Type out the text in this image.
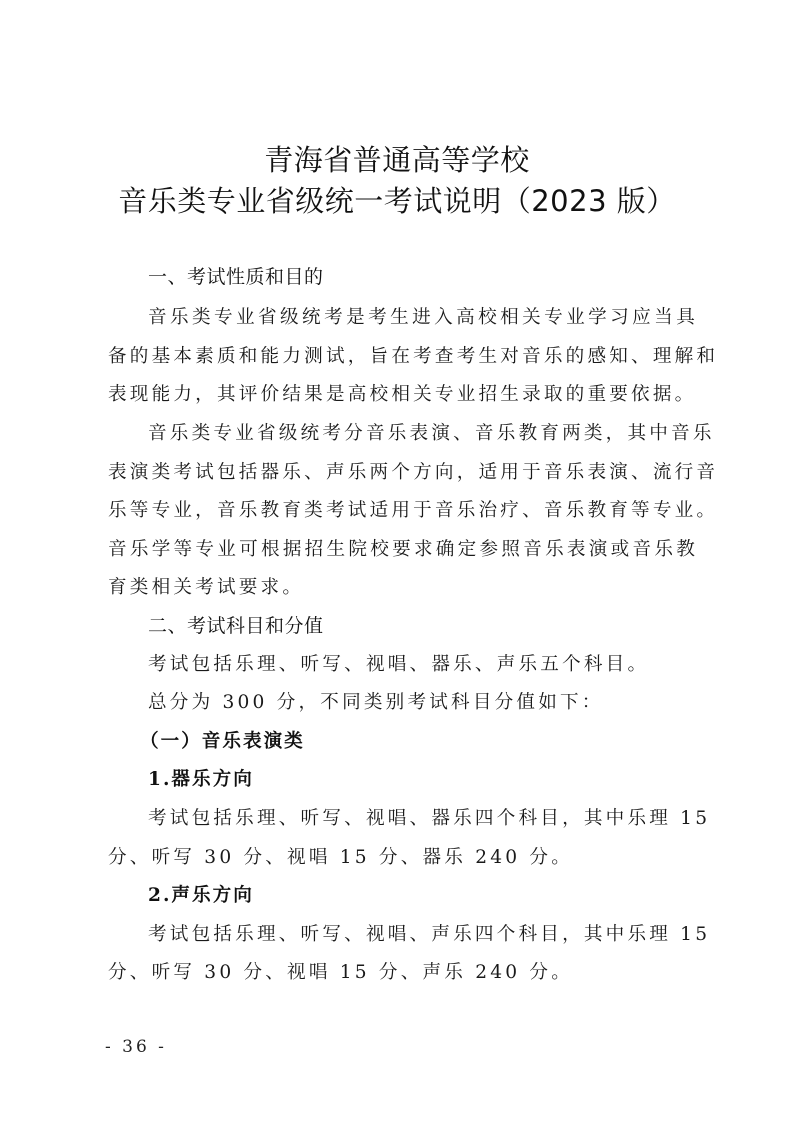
青海省普通高等学校
音乐类专业省级统一考试说明（2023 版）
一、考试性质和目的
音乐类专业省级统考是考生进入高校相关专业学习应当具
备的基本素质和能力测试，旨在考查考生对音乐的感知、理解和
表现能力，其评价结果是高校相关专业招生录取的重要依据。
音乐类专业省级统考分音乐表演、音乐教育两类，其中音乐
表演类考试包括器乐、声乐两个方向，适用于音乐表演、流行音
乐等专业，音乐教育类考试适用于音乐治疗、音乐教育等专业。
音乐学等专业可根据招生院校要求确定参照音乐表演或音乐教
育类相关考试要求。
二、考试科目和分值
考试包括乐理、听写、视唱、器乐、声乐五个科目。
总分为 300 分，不同类别考试科目分值如下：
（一）音乐表演类
1.器乐方向
考试包括乐理、听写、视唱、器乐四个科目，其中乐理 15
分、听写 30 分、视唱 15 分、器乐 240 分。
2.声乐方向
考试包括乐理、听写、视唱、声乐四个科目，其中乐理 15
分、听写 30 分、视唱 15 分、声乐 240 分。
- 36 -
